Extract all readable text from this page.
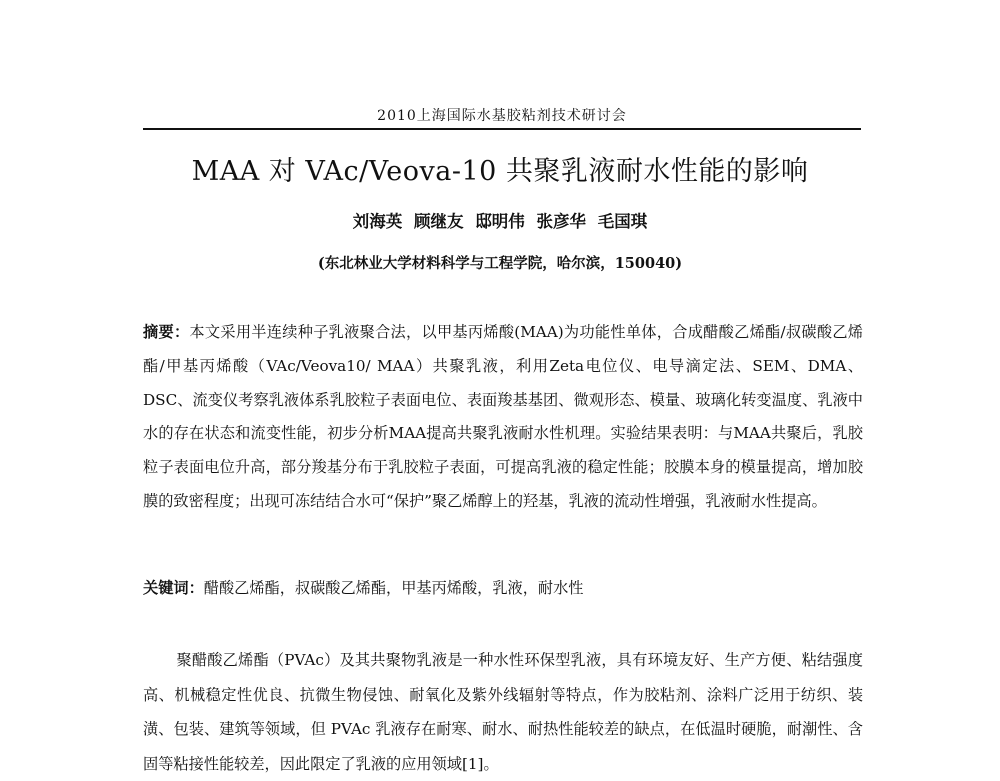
2010上海国际水基胶粘剂技术研讨会
MAA 对 VAc/Veova-10 共聚乳液耐水性能的影响
刘海英 顾继友 邸明伟 张彦华 毛国琪
(东北林业大学材料科学与工程学院，哈尔滨，150040)
摘要：本文采用半连续种子乳液聚合法，以甲基丙烯酸(MAA)为功能性单体，合成醋酸乙烯酯/叔碳酸乙烯酯/甲基丙烯酸（VAc/Veova10/ MAA）共聚乳液，利用Zeta电位仪、电导滴定法、SEM、DMA、DSC、流变仪考察乳液体系乳胶粒子表面电位、表面羧基基团、微观形态、模量、玻璃化转变温度、乳液中水的存在状态和流变性能，初步分析MAA提高共聚乳液耐水性机理。实验结果表明：与MAA共聚后，乳胶粒子表面电位升高，部分羧基分布于乳胶粒子表面，可提高乳液的稳定性能；胶膜本身的模量提高，增加胶膜的致密程度；出现可冻结结合水可“保护”聚乙烯醇上的羟基，乳液的流动性增强，乳液耐水性提高。
关键词：醋酸乙烯酯，叔碳酸乙烯酯，甲基丙烯酸，乳液，耐水性
聚醋酸乙烯酯（PVAc）及其共聚物乳液是一种水性环保型乳液，具有环境友好、生产方便、粘结强度高、机械稳定性优良、抗微生物侵蚀、耐氧化及紫外线辐射等特点，作为胶粘剂、涂料广泛用于纺织、装潢、包装、建筑等领域，但 PVAc 乳液存在耐寒、耐水、耐热性能较差的缺点，在低温时硬脆，耐潮性、含固等粘接性能较差，因此限定了乳液的应用领域[1]。
